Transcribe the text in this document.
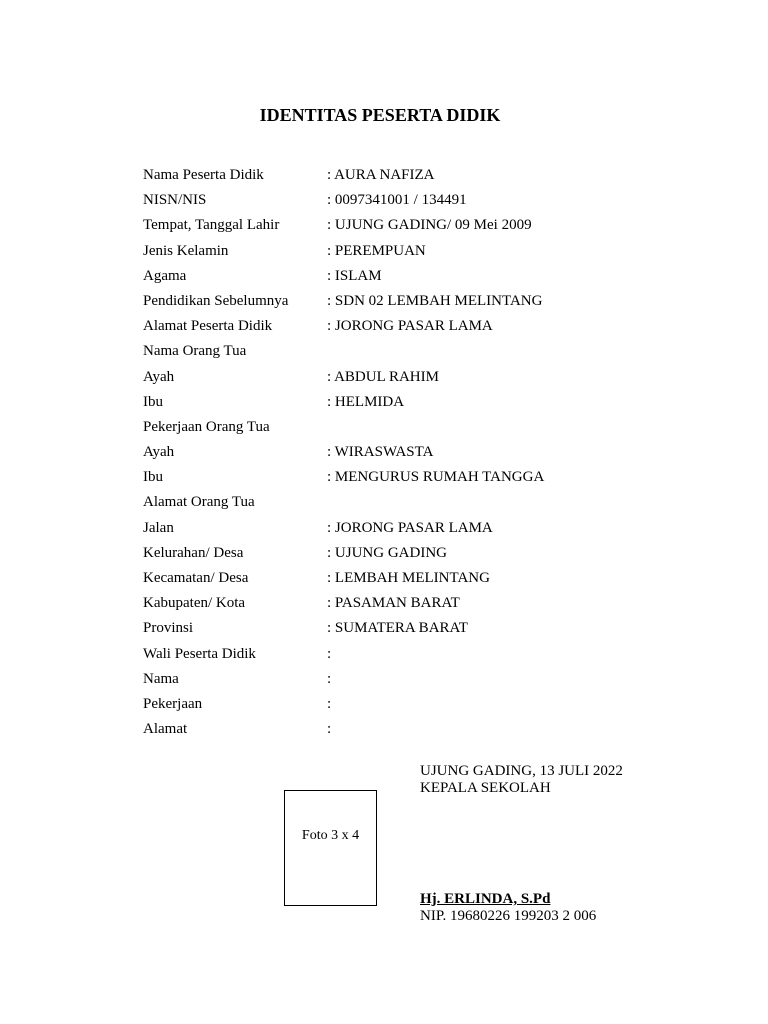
IDENTITAS PESERTA DIDIK
Nama Peserta Didik	: AURA NAFIZA
NISN/NIS	: 0097341001 / 134491
Tempat, Tanggal Lahir	: UJUNG GADING/ 09 Mei 2009
Jenis Kelamin	: PEREMPUAN
Agama	: ISLAM
Pendidikan Sebelumnya	: SDN 02 LEMBAH MELINTANG
Alamat Peserta Didik	: JORONG PASAR LAMA
Nama Orang Tua
Ayah	: ABDUL RAHIM
Ibu	: HELMIDA
Pekerjaan Orang Tua
Ayah	: WIRASWASTA
Ibu	: MENGURUS RUMAH TANGGA
Alamat Orang Tua
Jalan	: JORONG PASAR LAMA
Kelurahan/ Desa	: UJUNG GADING
Kecamatan/ Desa	: LEMBAH MELINTANG
Kabupaten/ Kota	: PASAMAN BARAT
Provinsi	: SUMATERA BARAT
Wali Peserta Didik	:
Nama	:
Pekerjaan	:
Alamat	:
Foto 3 x 4
UJUNG GADING, 13 JULI 2022
KEPALA SEKOLAH
Hj. ERLINDA, S.Pd
NIP. 19680226 199203 2 006
